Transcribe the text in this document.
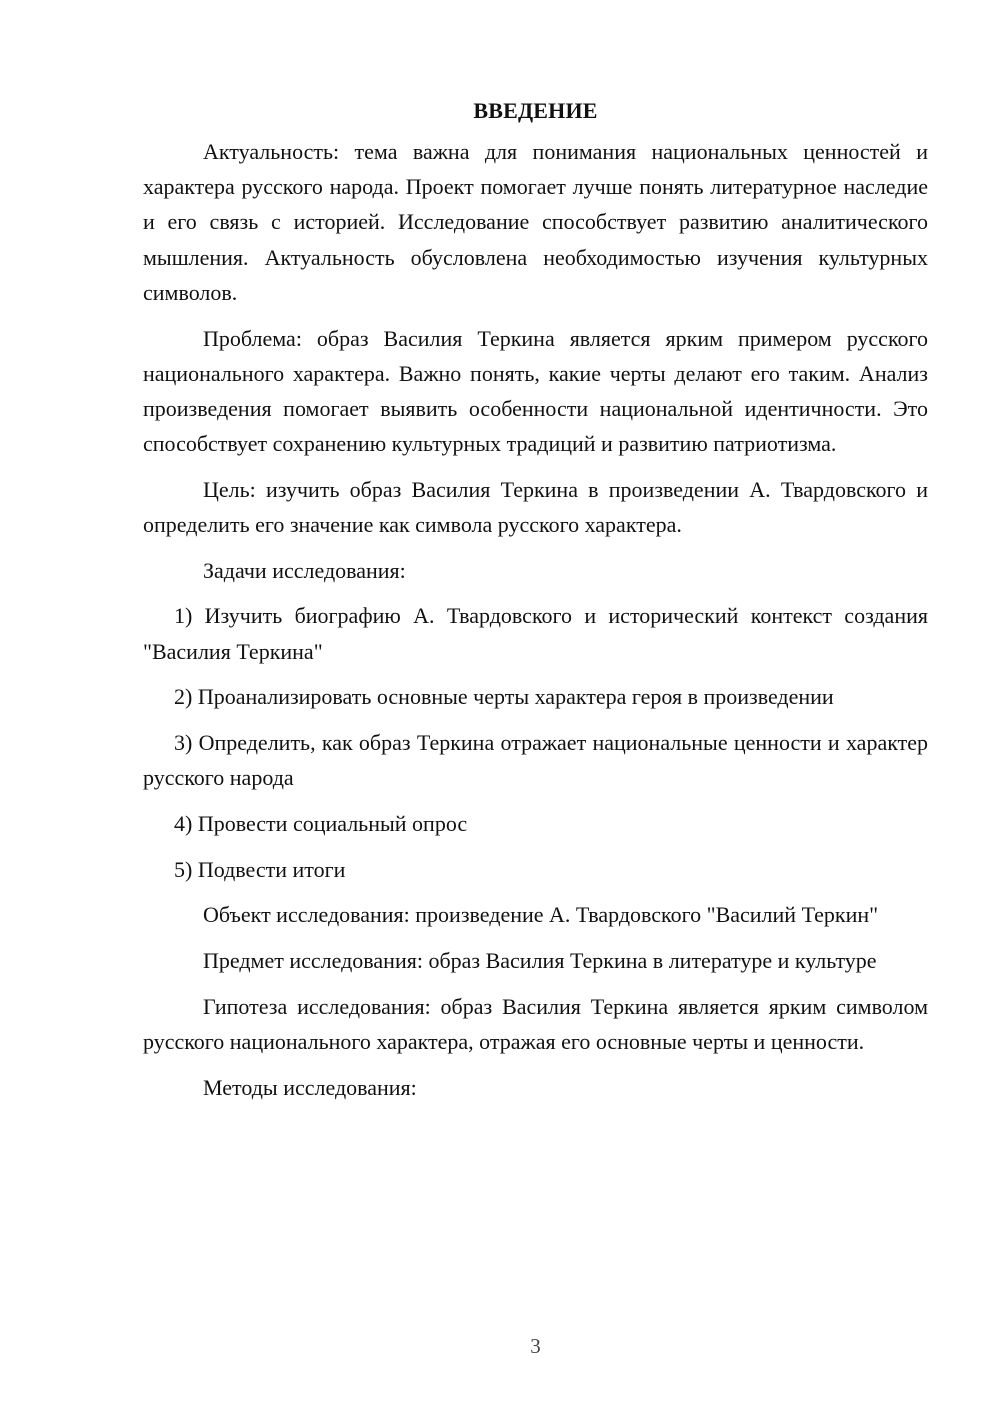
ВВЕДЕНИЕ

Актуальность: тема важна для понимания национальных ценностей и характера русского народа. Проект помогает лучше понять литературное наследие и его связь с историей. Исследование способствует развитию аналитического мышления. Актуальность обусловлена необходимостью изучения культурных символов.

Проблема: образ Василия Теркина является ярким примером русского национального характера. Важно понять, какие черты делают его таким. Анализ произведения помогает выявить особенности национальной идентичности. Это способствует сохранению культурных традиций и развитию патриотизма.

Цель: изучить образ Василия Теркина в произведении А. Твардовского и определить его значение как символа русского характера.

Задачи исследования:

1) Изучить биографию А. Твардовского и исторический контекст создания "Василия Теркина"

2) Проанализировать основные черты характера героя в произведении

3) Определить, как образ Теркина отражает национальные ценности и характер русского народа

4) Провести социальный опрос

5) Подвести итоги

Объект исследования: произведение А. Твардовского "Василий Теркин"

Предмет исследования: образ Василия Теркина в литературе и культуре

Гипотеза исследования: образ Василия Теркина является ярким символом русского национального характера, отражая его основные черты и ценности.

Методы исследования:

3
